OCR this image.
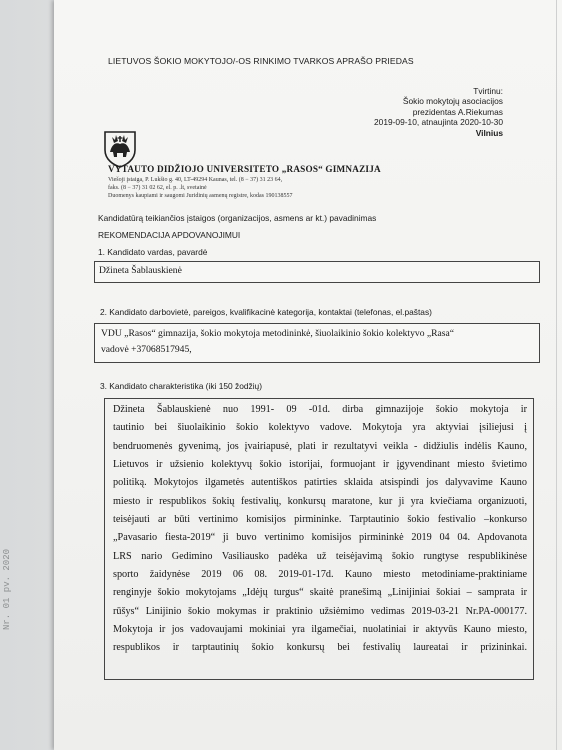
Nr. 01 pv. 2020
LIETUVOS ŠOKIO MOKYTOJO/-OS RINKIMO TVARKOS APRAŠO PRIEDAS
Tvirtinu:
Šokio mokytojų asociacijos
prezidentas A.Riekumas
2019-09-10, atnaujinta 2020-10-30
Vilnius
VYTAUTO DIDŽIOJO UNIVERSITETO „RASOS“ GIMNAZIJA
Viešoji įstaiga, P. Lukšio g. 40, LT-49294 Kaunas, tel. (8 − 37) 31 23 64,
faks. (8 − 37) 31 02 62, el. p. .lt, svetainė
Duomenys kaupiami ir saugomi Juridinių asmenų registre, kodas 190138557
Kandidatūrą teikiančios įstaigos (organizacijos, asmens ar kt.) pavadinimas
REKOMENDACIJA APDOVANOJIMUI
1. Kandidato vardas, pavardė
Džineta Šablauskienė
2. Kandidato darbovietė, pareigos, kvalifikacinė kategorija, kontaktai (telefonas, el.paštas)
VDU „Rasos“ gimnazija, šokio mokytoja metodininkė, šiuolaikinio šokio kolektyvo „Rasa“
vadovė +37068517945,
3. Kandidato charakteristika (iki 150 žodžių)

Džineta Šablauskienė nuo 1991- 09 -01d. dirba gimnazijoje šokio mokytoja ir

tautinio bei šiuolaikinio šokio kolektyvo vadove. Mokytoja yra aktyviai įsiliejusi į

bendruomenės gyvenimą, jos įvairiapusė, plati ir rezultatyvi veikla - didžiulis indėlis Kauno,

Lietuvos ir užsienio kolektyvų šokio istorijai, formuojant ir įgyvendinant miesto švietimo

politiką. Mokytojos ilgametės autentiškos patirties sklaida atsispindi jos dalyvavime Kauno

miesto ir respublikos šokių festivalių, konkursų maratone, kur ji yra kviečiama organizuoti,

teisėjauti ar būti vertinimo komisijos pirmininke. Tarptautinio šokio festivalio –konkurso

„Pavasario fiesta-2019“ ji buvo vertinimo komisijos pirmininkė 2019 04 04. Apdovanota

LRS nario Gedimino Vasiliausko padėka už teisėjavimą šokio rungtyse respublikinėse

sporto žaidynėse 2019 06 08. 2019-01-17d. Kauno miesto metodiniame-praktiniame

renginyje šokio mokytojams „Idėjų turgus“ skaitė pranešimą „Linijiniai šokiai – samprata ir

rūšys“ Linijinio šokio mokymas ir praktinio užsiėmimo vedimas 2019-03-21 Nr.PA-000177.

Mokytoja ir jos vadovaujami mokiniai yra ilgamečiai, nuolatiniai ir aktyvūs Kauno miesto,

respublikos ir tarptautinių šokio konkursų bei festivalių laureatai ir prizininkai.
